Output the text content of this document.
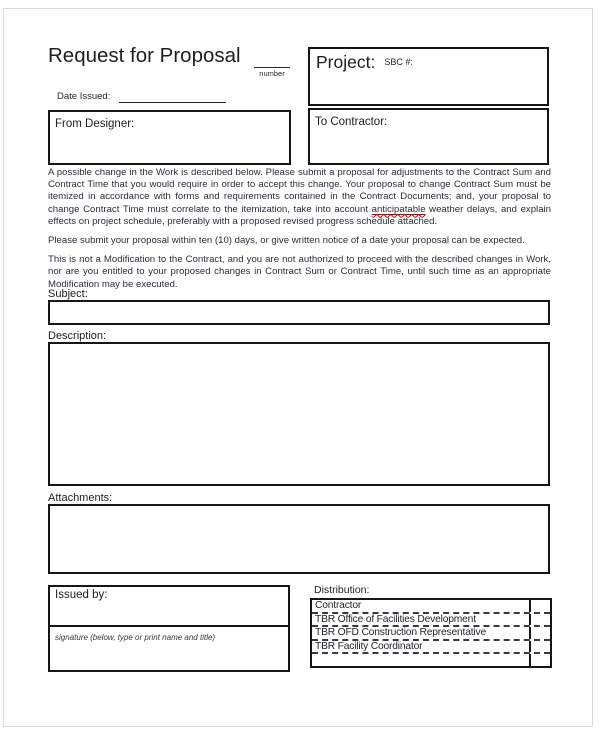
Request for Proposal
number
Date Issued:
Project: SBC #:
From Designer:	To Contractor:

A possible change in the Work is described below. Please submit a proposal for adjustments to the Contract Sum and Contract Time that you would require in order to accept this change. Your proposal to change Contract Sum must be itemized in accordance with forms and requirements contained in the Contract Documents; and, your proposal to change Contract Time must correlate to the itemization, take into account anticipatable weather delays, and explain effects on project schedule, preferably with a proposed revised progress schedule attached.

Please submit your proposal within ten (10) days, or give written notice of a date your proposal can be expected.

This is not a Modification to the Contract, and you are not authorized to proceed with the described changes in Work, nor are you entitled to your proposed changes in Contract Sum or Contract Time, until such time as an appropriate Modification may be executed.

Subject:
Description:
Attachments:
Issued by:
signature (below, type or print name and title)
Distribution:
Contractor
TBR Office of Facilities Development
TBR OFD Construction Representative
TBR Facility Coordinator
